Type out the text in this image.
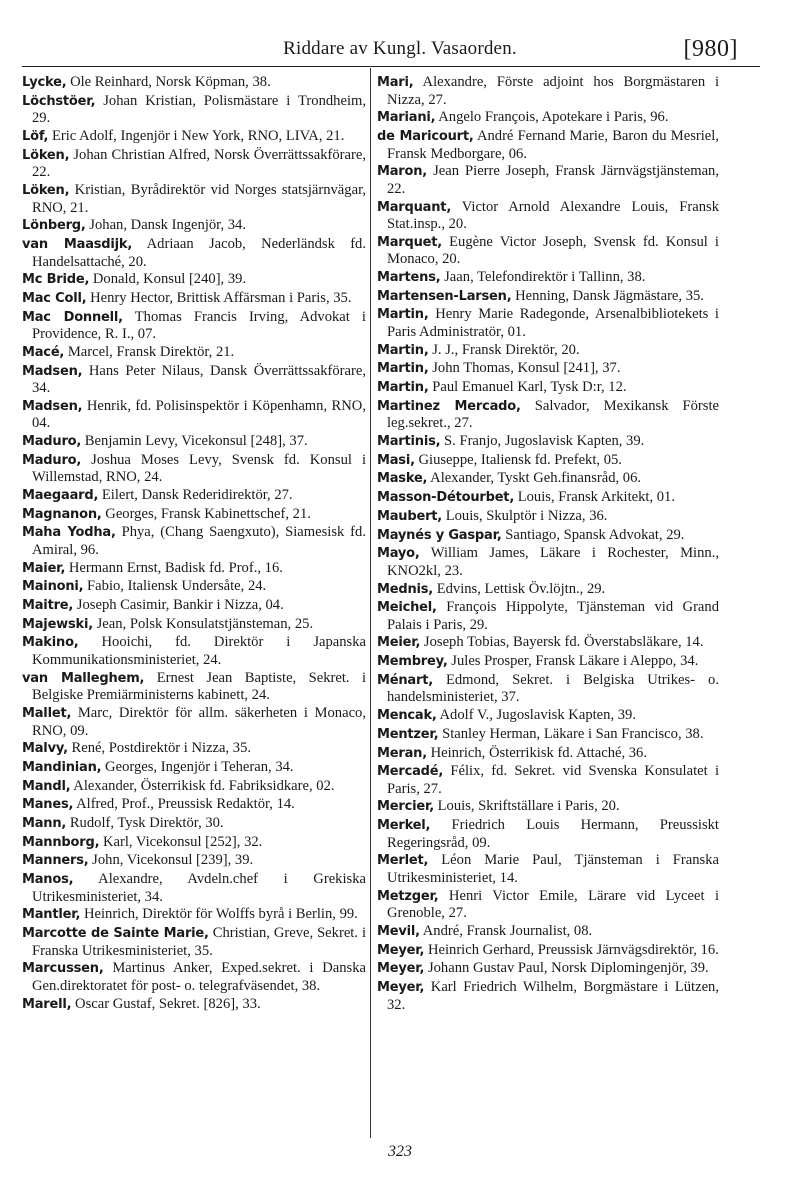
Riddare av Kungl. Vasaorden.	[980]

Lycke, Ole Reinhard, Norsk Köpman, 38.

Löchstöer, Johan Kristian, Polismästare i Trondheim, 29.

Löf, Eric Adolf, Ingenjör i New York, RNO, LIVA, 21.

Löken, Johan Christian Alfred, Norsk Överrättssakförare, 22.

Löken, Kristian, Byrådirektör vid Norges statsjärnvägar, RNO, 21.

Lönberg, Johan, Dansk Ingenjör, 34.

van Maasdijk, Adriaan Jacob, Nederländsk fd. Handelsattaché, 20.

Mc Bride, Donald, Konsul [240], 39.

Mac Coll, Henry Hector, Brittisk Affärsman i Paris, 35.

Mac Donnell, Thomas Francis Irving, Advokat i Providence, R. I., 07.

Macé, Marcel, Fransk Direktör, 21.

Madsen, Hans Peter Nilaus, Dansk Överrättssakförare, 34.

Madsen, Henrik, fd. Polisinspektör i Köpenhamn, RNO, 04.

Maduro, Benjamin Levy, Vicekonsul [248], 37.

Maduro, Joshua Moses Levy, Svensk fd. Konsul i Willemstad, RNO, 24.

Maegaard, Eilert, Dansk Rederidirektör, 27.

Magnanon, Georges, Fransk Kabinettschef, 21.

Maha Yodha, Phya, (Chang Saengxuto), Siamesisk fd. Amiral, 96.

Maier, Hermann Ernst, Badisk fd. Prof., 16.

Mainoni, Fabio, Italiensk Undersåte, 24.

Maitre, Joseph Casimir, Bankir i Nizza, 04.

Majewski, Jean, Polsk Konsulatstjänsteman, 25.

Makino, Hooichi, fd. Direktör i Japanska Kommunikationsministeriet, 24.

van Malleghem, Ernest Jean Baptiste, Sekret. i Belgiske Premiärministerns kabinett, 24.

Mallet, Marc, Direktör för allm. säkerheten i Monaco, RNO, 09.

Malvy, René, Postdirektör i Nizza, 35.

Mandinian, Georges, Ingenjör i Teheran, 34.

Mandl, Alexander, Österrikisk fd. Fabriksidkare, 02.

Manes, Alfred, Prof., Preussisk Redaktör, 14.

Mann, Rudolf, Tysk Direktör, 30.

Mannborg, Karl, Vicekonsul [252], 32.

Manners, John, Vicekonsul [239], 39.

Manos, Alexandre, Avdeln.chef i Grekiska Utrikesministeriet, 34.

Mantler, Heinrich, Direktör för Wolffs byrå i Berlin, 99.

Marcotte de Sainte Marie, Christian, Greve, Sekret. i Franska Utrikesministeriet, 35.

Marcussen, Martinus Anker, Exped.sekret. i Danska Gen.direktoratet för post- o. telegrafväsendet, 38.

Marell, Oscar Gustaf, Sekret. [826], 33.

Mari, Alexandre, Förste adjoint hos Borgmästaren i Nizza, 27.

Mariani, Angelo François, Apotekare i Paris, 96.

de Maricourt, André Fernand Marie, Baron du Mesriel, Fransk Medborgare, 06.

Maron, Jean Pierre Joseph, Fransk Järnvägstjänsteman, 22.

Marquant, Victor Arnold Alexandre Louis, Fransk Stat.insp., 20.

Marquet, Eugène Victor Joseph, Svensk fd. Konsul i Monaco, 20.

Martens, Jaan, Telefondirektör i Tallinn, 38.

Martensen-Larsen, Henning, Dansk Jägmästare, 35.

Martin, Henry Marie Radegonde, Arsenalbibliotekets i Paris Administratör, 01.

Martin, J. J., Fransk Direktör, 20.

Martin, John Thomas, Konsul [241], 37.

Martin, Paul Emanuel Karl, Tysk D:r, 12.

Martinez Mercado, Salvador, Mexikansk Förste leg.sekret., 27.

Martinis, S. Franjo, Jugoslavisk Kapten, 39.

Masi, Giuseppe, Italiensk fd. Prefekt, 05.

Maske, Alexander, Tyskt Geh.finansråd, 06.

Masson-Détourbet, Louis, Fransk Arkitekt, 01.

Maubert, Louis, Skulptör i Nizza, 36.

Maynés y Gaspar, Santiago, Spansk Advokat, 29.

Mayo, William James, Läkare i Rochester, Minn., KNO2kl, 23.

Mednis, Edvins, Lettisk Öv.löjtn., 29.

Meichel, François Hippolyte, Tjänsteman vid Grand Palais i Paris, 29.

Meier, Joseph Tobias, Bayersk fd. Överstabsläkare, 14.

Membrey, Jules Prosper, Fransk Läkare i Aleppo, 34.

Ménart, Edmond, Sekret. i Belgiska Utrikes- o. handelsministeriet, 37.

Mencak, Adolf V., Jugoslavisk Kapten, 39.

Mentzer, Stanley Herman, Läkare i San Francisco, 38.

Meran, Heinrich, Österrikisk fd. Attaché, 36.

Mercadé, Félix, fd. Sekret. vid Svenska Konsulatet i Paris, 27.

Mercier, Louis, Skriftställare i Paris, 20.

Merkel, Friedrich Louis Hermann, Preussiskt Regeringsråd, 09.

Merlet, Léon Marie Paul, Tjänsteman i Franska Utrikesministeriet, 14.

Metzger, Henri Victor Emile, Lärare vid Lyceet i Grenoble, 27.

Mevil, André, Fransk Journalist, 08.

Meyer, Heinrich Gerhard, Preussisk Järnvägsdirektör, 16.

Meyer, Johann Gustav Paul, Norsk Diplomingenjör, 39.

Meyer, Karl Friedrich Wilhelm, Borgmästare i Lützen, 32.

323
